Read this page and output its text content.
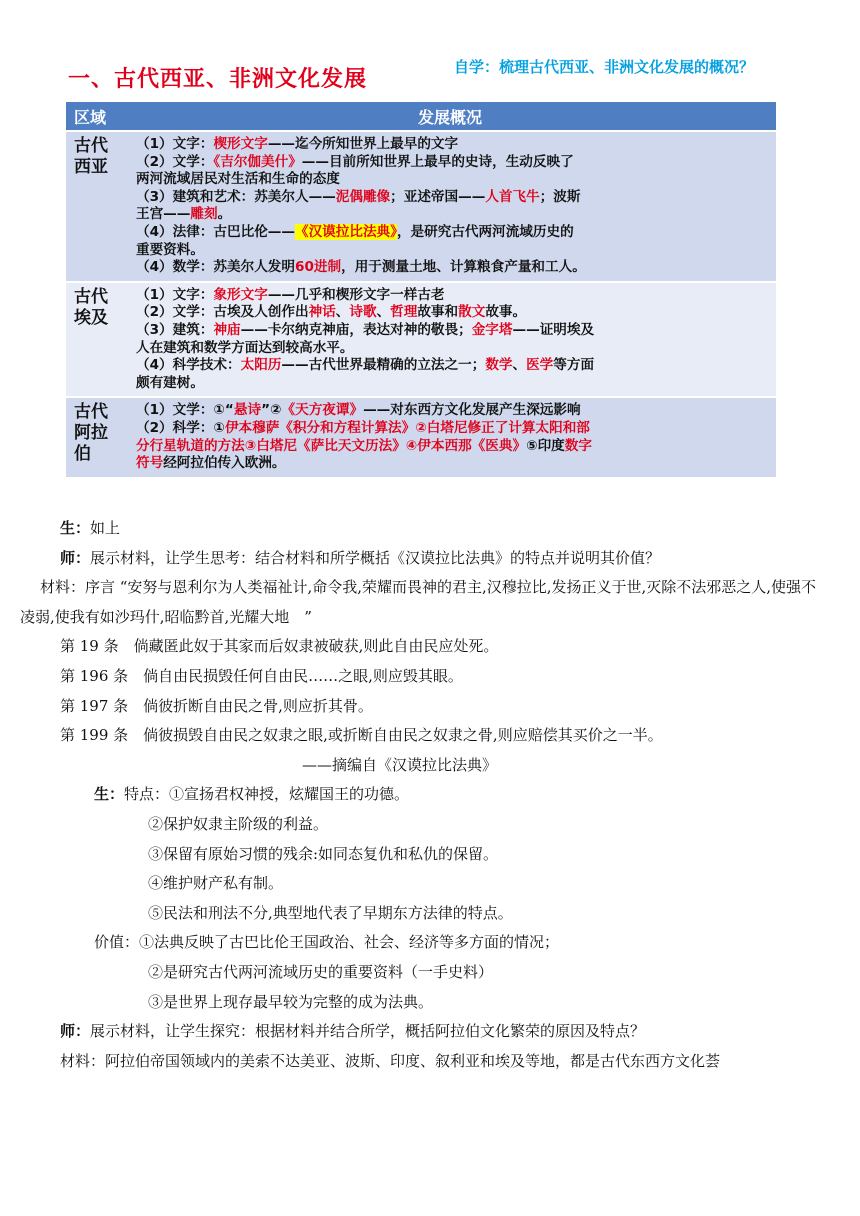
一、古代西亚、非洲文化发展	自学：梳理古代西亚、非洲文化发展的概况？
区域	发展概况
古代
西亚
（1）文字：楔形文字——迄今所知世界上最早的文字
（2）文学：《吉尔伽美什》——目前所知世界上最早的史诗，生动反映了
两河流域居民对生活和生命的态度
（3）建筑和艺术：苏美尔人——泥偶雕像；亚述帝国——人首飞牛；波斯
王宫——雕刻。
（4）法律：古巴比伦——《汉谟拉比法典》，是研究古代两河流域历史的
重要资料。
（4）数学：苏美尔人发明60进制，用于测量土地、计算粮食产量和工人。
古代
埃及
（1）文字：象形文字——几乎和楔形文字一样古老
（2）文学：古埃及人创作出神话、诗歌、哲理故事和散文故事。
（3）建筑：神庙——卡尔纳克神庙，表达对神的敬畏；金字塔——证明埃及
人在建筑和数学方面达到较高水平。
（4）科学技术：太阳历——古代世界最精确的立法之一；数学、医学等方面
颇有建树。
古代
阿拉
伯
（1）文学：①“悬诗”②《天方夜谭》——对东西方文化发展产生深远影响
（2）科学：①伊本穆萨《积分和方程计算法》②白塔尼修正了计算太阳和部
分行星轨道的方法③白塔尼《萨比天文历法》④伊本西那《医典》⑤印度数字
符号经阿拉伯传入欧洲。
生：如上
师：展示材料，让学生思考：结合材料和所学概括《汉谟拉比法典》的特点并说明其价值？
材料：序言 “安努与恩利尔为人类福祉计,命令我,荣耀而畏神的君主,汉穆拉比,发扬正义于世,灭除不法邪恶之人,使强不凌弱,使我有如沙玛什,昭临黔首,光耀大地　”
第 19 条　倘藏匿此奴于其家而后奴隶被破获,则此自由民应处死。
第 196 条　倘自由民损毁任何自由民……之眼,则应毁其眼。
第 197 条　倘彼折断自由民之骨,则应折其骨。
第 199 条　倘彼损毁自由民之奴隶之眼,或折断自由民之奴隶之骨,则应赔偿其买价之一半。
——摘编自《汉谟拉比法典》
生：特点：①宣扬君权神授，炫耀国王的功德。
②保护奴隶主阶级的利益。
③保留有原始习惯的残余:如同态复仇和私仇的保留。
④维护财产私有制。
⑤民法和刑法不分,典型地代表了早期东方法律的特点。
价值：①法典反映了古巴比伦王国政治、社会、经济等多方面的情况；
②是研究古代两河流域历史的重要资料（一手史料）
③是世界上现存最早较为完整的成为法典。
师：展示材料，让学生探究：根据材料并结合所学，概括阿拉伯文化繁荣的原因及特点？
材料：阿拉伯帝国领域内的美索不达美亚、波斯、印度、叙利亚和埃及等地，都是古代东西方文化荟
